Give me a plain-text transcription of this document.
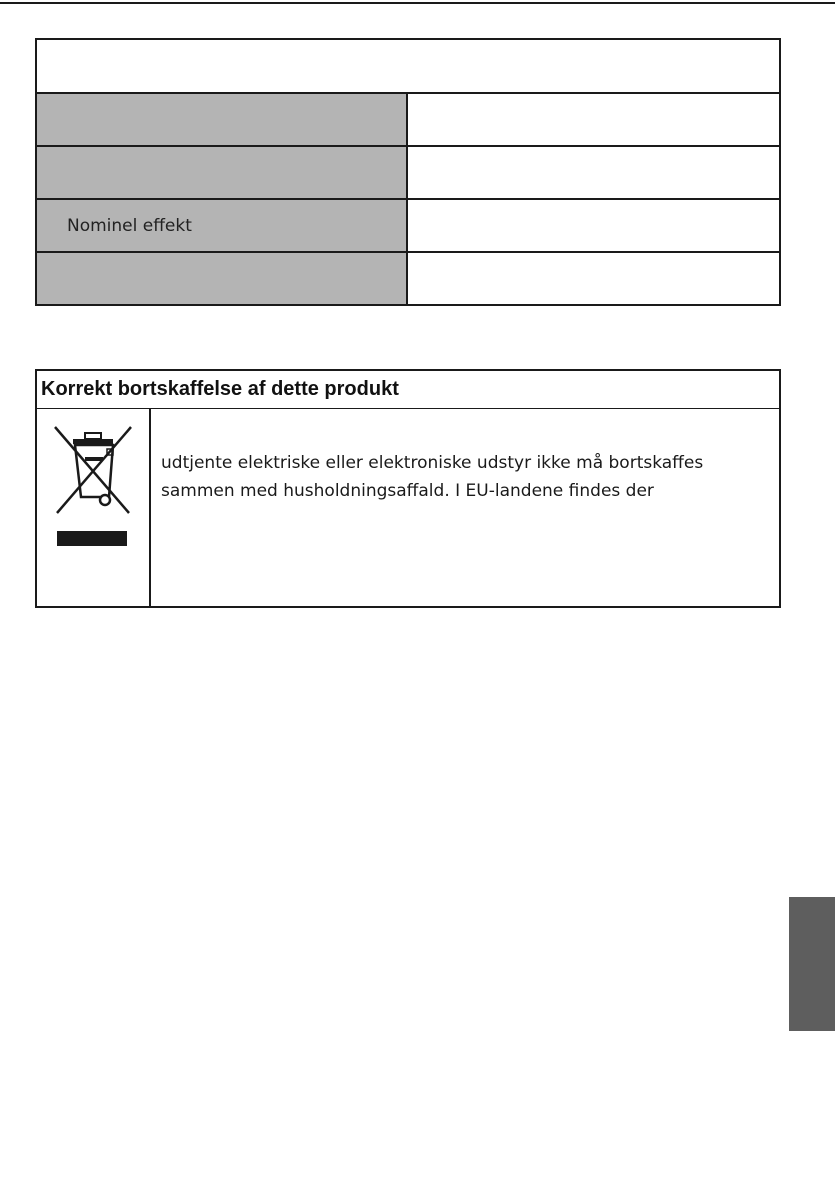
Nominel effekt
Korrekt bortskaffelse af dette produkt
udtjente elektriske eller elektroniske udstyr ikke må bortskaffes
sammen med husholdningsaffald. I EU-landene findes der
